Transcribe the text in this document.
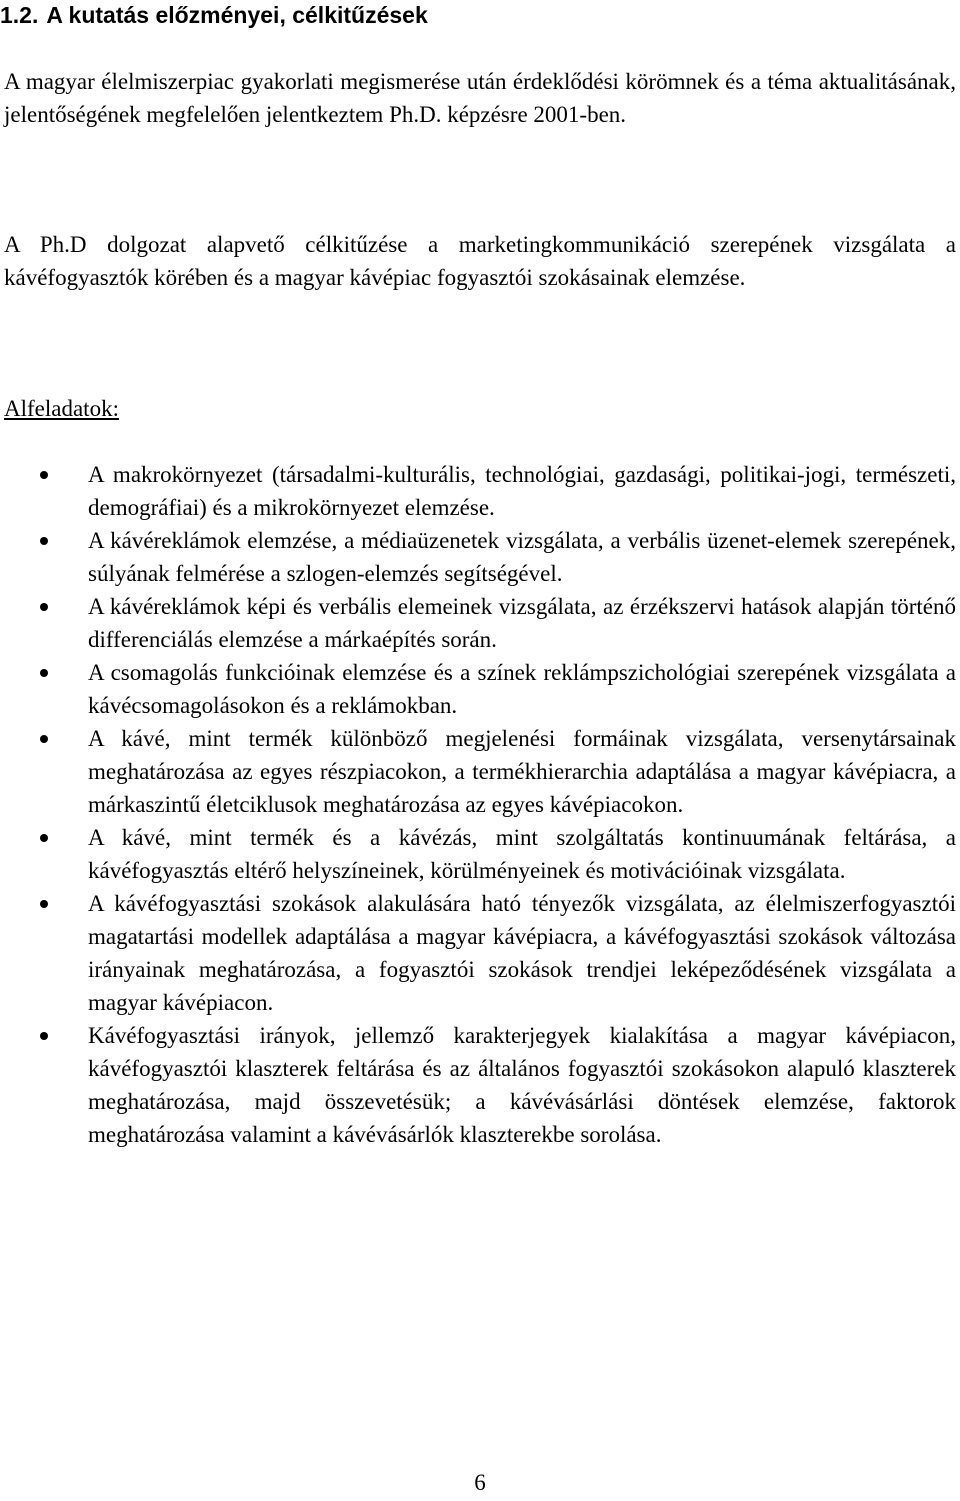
1.2. A kutatás előzményei, célkitűzések
A magyar élelmiszerpiac gyakorlati megismerése után érdeklődési körömnek és a téma aktualitásának, jelentőségének megfelelően jelentkeztem Ph.D. képzésre 2001-ben.
A Ph.D dolgozat alapvető célkitűzése a marketingkommunikáció szerepének vizsgálata a kávéfogyasztók körében és a magyar kávépiac fogyasztói szokásainak elemzése.
Alfeladatok:
A makrokörnyezet (társadalmi-kulturális, technológiai, gazdasági, politikai-jogi, természeti, demográfiai) és a mikrokörnyezet elemzése.
A kávéreklámok elemzése, a médiaüzenetek vizsgálata, a verbális üzenet-elemek szerepének, súlyának felmérése a szlogen-elemzés segítségével.
A kávéreklámok képi és verbális elemeinek vizsgálata, az érzékszervi hatások alapján történő differenciálás elemzése a márkaépítés során.
A csomagolás funkcióinak elemzése és a színek reklámpszichológiai szerepének vizsgálata a kávécsomagolásokon és a reklámokban.
A kávé, mint termék különböző megjelenési formáinak vizsgálata, versenytársainak meghatározása az egyes részpiacokon, a termékhierarchia adaptálása a magyar kávépiacra, a márkaszintű életciklusok meghatározása az egyes kávépiacokon.
A kávé, mint termék és a kávézás, mint szolgáltatás kontinuumának feltárása, a kávéfogyasztás eltérő helyszíneinek, körülményeinek és motivációinak vizsgálata.
A kávéfogyasztási szokások alakulására ható tényezők vizsgálata, az élelmiszerfogyasztói magatartási modellek adaptálása a magyar kávépiacra, a kávéfogyasztási szokások változása irányainak meghatározása, a fogyasztói szokások trendjei leképeződésének vizsgálata a magyar kávépiacon.
Kávéfogyasztási irányok, jellemző karakterjegyek kialakítása a magyar kávépiacon, kávéfogyasztói klaszterek feltárása és az általános fogyasztói szokásokon alapuló klaszterek meghatározása, majd összevetésük; a kávévásárlási döntések elemzése, faktorok meghatározása valamint a kávévásárlók klaszterekbe sorolása.
6
